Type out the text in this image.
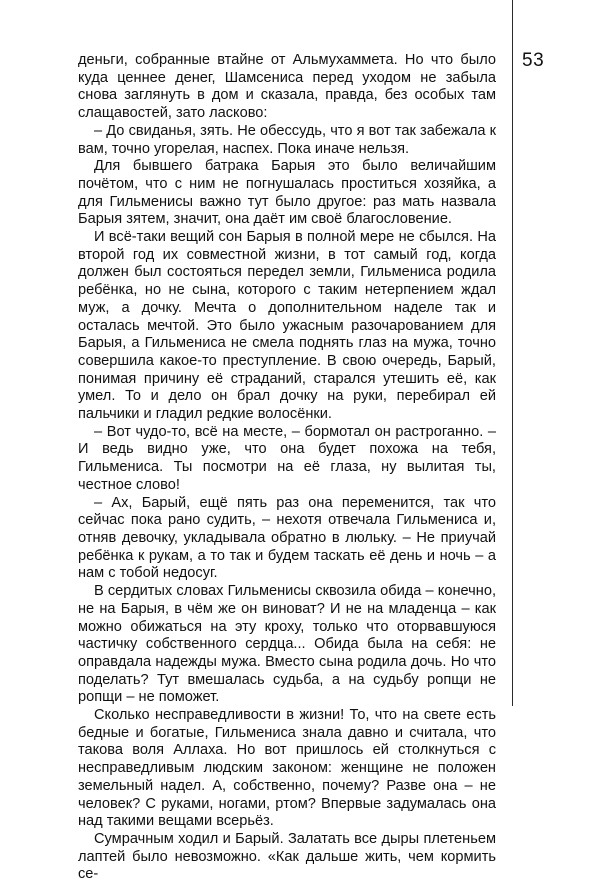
53

деньги, собранные втайне от Альмухаммета. Но что было куда ценнее денег, Шамсениса перед уходом не забыла снова заглянуть в дом и сказала, правда, без особых там слащавостей, зато ласково:

– До свиданья, зять. Не обессудь, что я вот так забежала к вам, точно угорелая, наспех. Пока иначе нельзя.

Для бывшего батрака Барыя это было величайшим почётом, что с ним не погнушалась проститься хозяйка, а для Гильменисы важно тут было другое: раз мать назвала Барыя зятем, значит, она даёт им своё благословение.

И всё-таки вещий сон Барыя в полной мере не сбылся. На второй год их совместной жизни, в тот самый год, когда должен был состояться передел земли, Гильмениса родила ребёнка, но не сына, которого с таким нетерпением ждал муж, а дочку. Мечта о дополнительном наделе так и осталась мечтой. Это было ужасным разочарованием для Барыя, а Гильмениса не смела поднять глаз на мужа, точно совершила какое-то преступление. В свою очередь, Барый, понимая причину её страданий, старался утешить её, как умел. То и дело он брал дочку на руки, перебирал ей пальчики и гладил редкие волосёнки.

– Вот чудо-то, всё на месте, – бормотал он растроганно. – И ведь видно уже, что она будет похожа на тебя, Гильмениса. Ты посмотри на её глаза, ну вылитая ты, честное слово!

– Ах, Барый, ещё пять раз она переменится, так что сейчас пока рано судить, – нехотя отвечала Гильмениса и, отняв девочку, укладывала обратно в люльку. – Не приучай ребёнка к рукам, а то так и будем таскать её день и ночь – а нам с тобой недосуг.

В сердитых словах Гильменисы сквозила обида – конечно, не на Барыя, в чём же он виноват? И не на младенца – как можно обижаться на эту кроху, только что оторвавшуюся частичку собственного сердца... Обида была на себя: не оправдала надежды мужа. Вместо сына родила дочь. Но что поделать? Тут вмешалась судьба, а на судьбу ропщи не ропщи – не поможет.

Сколько несправедливости в жизни! То, что на свете есть бедные и богатые, Гильмениса знала давно и считала, что такова воля Аллаха. Но вот пришлось ей столкнуться с несправедливым людским законом: женщине не положен земельный надел. А, собственно, почему? Разве она – не человек? С руками, ногами, ртом? Впервые задумалась она над такими вещами всерьёз.

Сумрачным ходил и Барый. Залатать все дыры плетеньем лаптей было невозможно. «Как дальше жить, чем кормить се-
